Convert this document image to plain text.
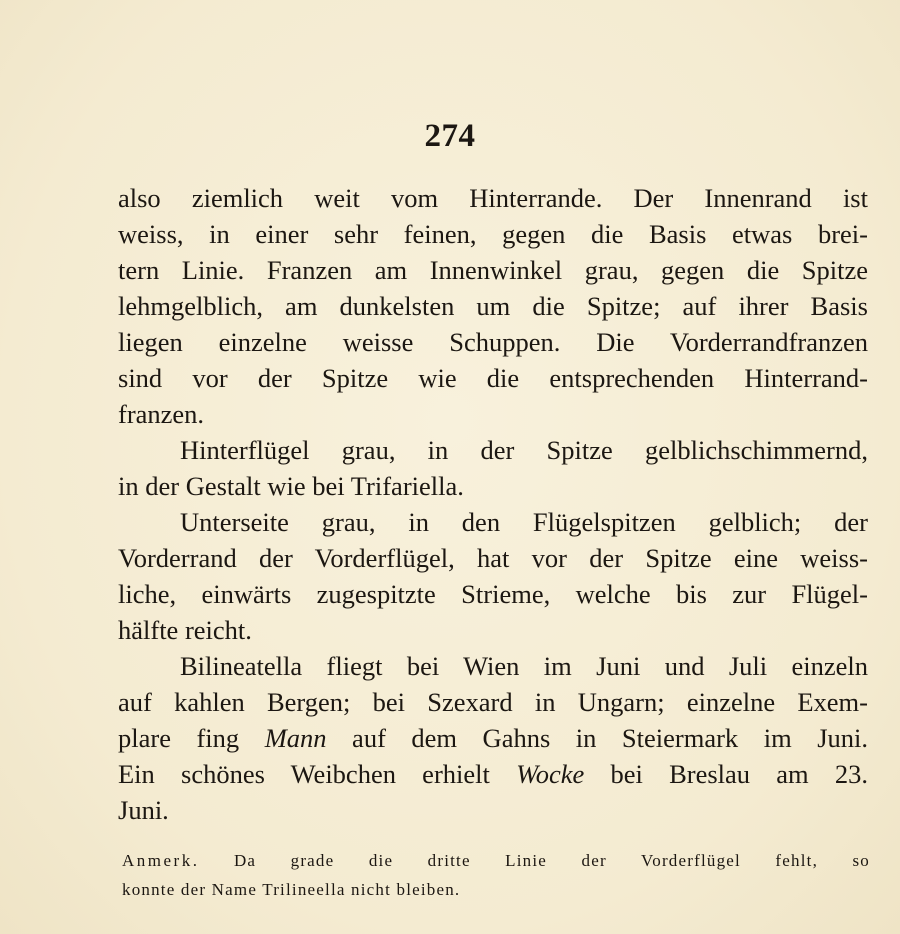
274
also ziemlich weit vom Hinterrande. Der Innenrand ist
weiss, in einer sehr feinen, gegen die Basis etwas brei-
tern Linie. Franzen am Innenwinkel grau, gegen die Spitze
lehmgelblich, am dunkelsten um die Spitze; auf ihrer Basis
liegen einzelne weisse Schuppen. Die Vorderrandfranzen
sind vor der Spitze wie die entsprechenden Hinterrand-
franzen.
Hinterflügel grau, in der Spitze gelblichschimmernd,
in der Gestalt wie bei Trifariella.
Unterseite grau, in den Flügelspitzen gelblich; der
Vorderrand der Vorderflügel, hat vor der Spitze eine weiss-
liche, einwärts zugespitzte Strieme, welche bis zur Flügel-
hälfte reicht.
Bilineatella fliegt bei Wien im Juni und Juli einzeln
auf kahlen Bergen; bei Szexard in Ungarn; einzelne Exem-
plare fing Mann auf dem Gahns in Steiermark im Juni.
Ein schönes Weibchen erhielt Wocke bei Breslau am 23.
Juni.
Anmerk. Da grade die dritte Linie der Vorderflügel fehlt, so
konnte der Name Trilineella nicht bleiben.
